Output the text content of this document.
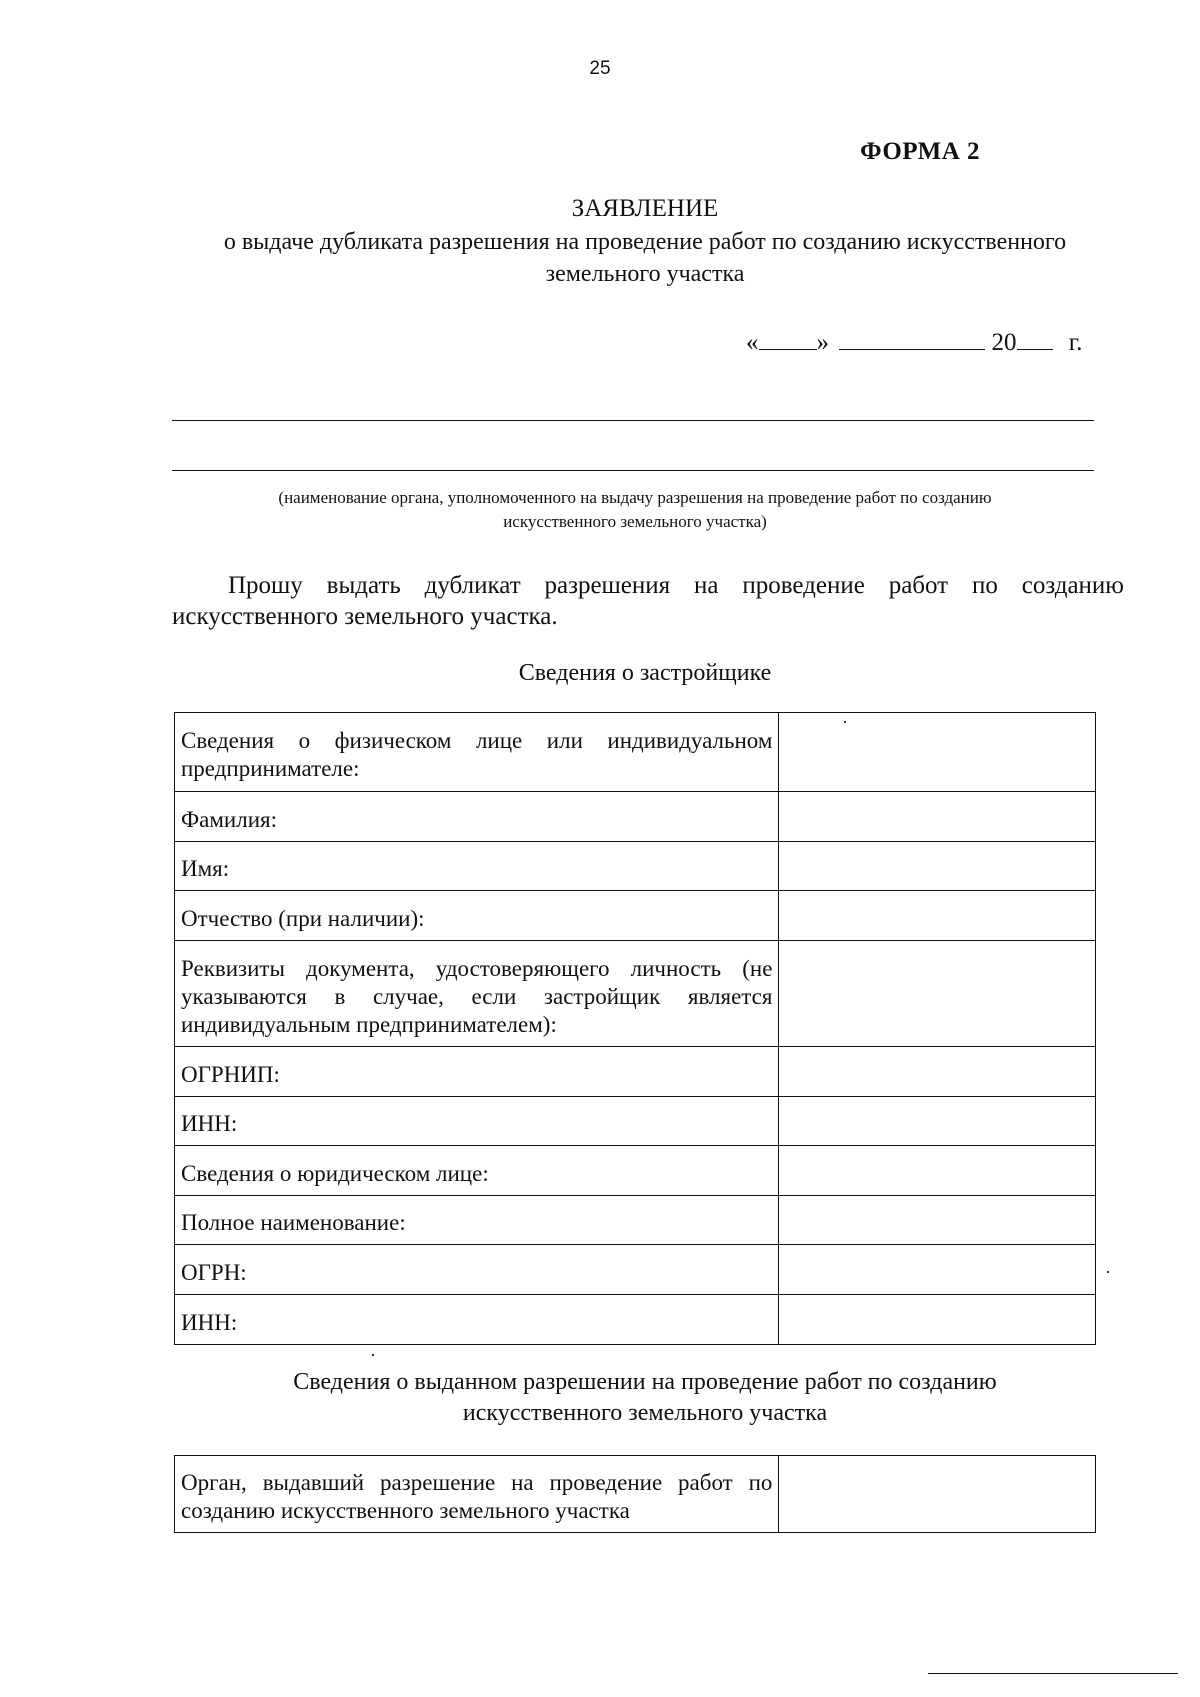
25
ФОРМА 2
ЗАЯВЛЕНИЕ
о выдаче дубликата разрешения на проведение работ по созданию искусственного
земельного участка
« »	20 г.
(наименование органа, уполномоченного на выдачу разрешения на проведение работ по созданию
искусственного земельного участка)
Прошу выдать дубликат разрешения на проведение работ по созданию искусственного земельного участка.
Сведения о застройщике
Сведения о физическом лице или индивидуальном предпринимателе:	
Фамилия:	
Имя:	
Отчество (при наличии):	
Реквизиты документа, удостоверяющего личность (не указываются в случае, если застройщик является индивидуальным предпринимателем):	
ОГРНИП:	
ИНН:	
Сведения о юридическом лице:	
Полное наименование:	
ОГРН:	
ИНН:	
·
·
·
Сведения о выданном разрешении на проведение работ по созданию
искусственного земельного участка
Орган, выдавший разрешение на проведение работ по созданию искусственного земельного участка	
